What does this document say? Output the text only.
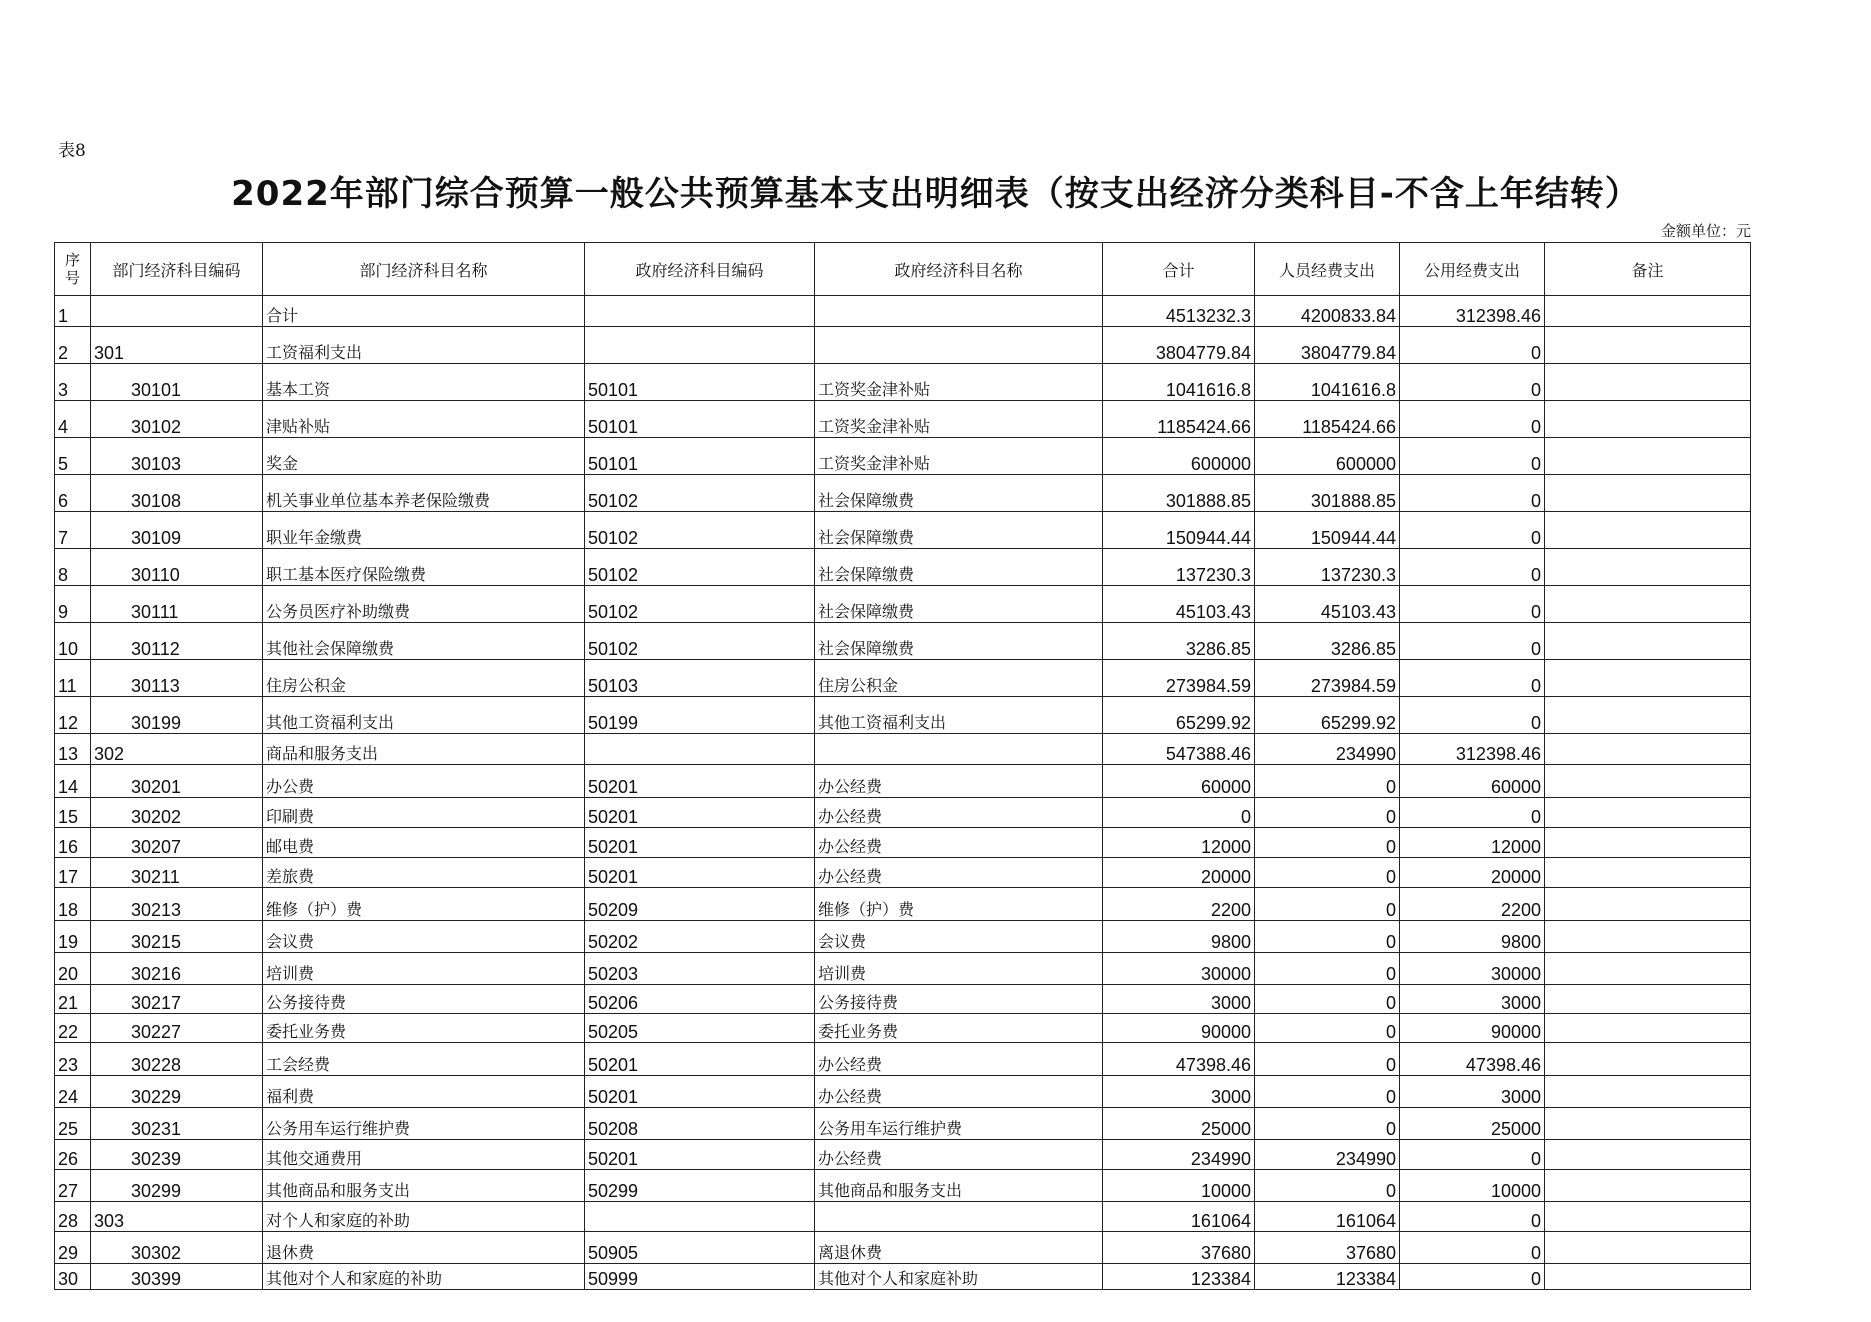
表8
2022年部门综合预算一般公共预算基本支出明细表（按支出经济分类科目-不含上年结转）
金额单位：元
序号	部门经济科目编码	部门经济科目名称	政府经济科目编码	政府经济科目名称	合计	人员经费支出	公用经费支出	备注
1		合计			4513232.3	4200833.84	312398.46	
2	301	工资福利支出			3804779.84	3804779.84	0	
3	30101	基本工资	50101	工资奖金津补贴	1041616.8	1041616.8	0	
4	30102	津贴补贴	50101	工资奖金津补贴	1185424.66	1185424.66	0	
5	30103	奖金	50101	工资奖金津补贴	600000	600000	0	
6	30108	机关事业单位基本养老保险缴费	50102	社会保障缴费	301888.85	301888.85	0	
7	30109	职业年金缴费	50102	社会保障缴费	150944.44	150944.44	0	
8	30110	职工基本医疗保险缴费	50102	社会保障缴费	137230.3	137230.3	0	
9	30111	公务员医疗补助缴费	50102	社会保障缴费	45103.43	45103.43	0	
10	30112	其他社会保障缴费	50102	社会保障缴费	3286.85	3286.85	0	
11	30113	住房公积金	50103	住房公积金	273984.59	273984.59	0	
12	30199	其他工资福利支出	50199	其他工资福利支出	65299.92	65299.92	0	
13	302	商品和服务支出			547388.46	234990	312398.46	
14	30201	办公费	50201	办公经费	60000	0	60000	
15	30202	印刷费	50201	办公经费	0	0	0	
16	30207	邮电费	50201	办公经费	12000	0	12000	
17	30211	差旅费	50201	办公经费	20000	0	20000	
18	30213	维修（护）费	50209	维修（护）费	2200	0	2200	
19	30215	会议费	50202	会议费	9800	0	9800	
20	30216	培训费	50203	培训费	30000	0	30000	
21	30217	公务接待费	50206	公务接待费	3000	0	3000	
22	30227	委托业务费	50205	委托业务费	90000	0	90000	
23	30228	工会经费	50201	办公经费	47398.46	0	47398.46	
24	30229	福利费	50201	办公经费	3000	0	3000	
25	30231	公务用车运行维护费	50208	公务用车运行维护费	25000	0	25000	
26	30239	其他交通费用	50201	办公经费	234990	234990	0	
27	30299	其他商品和服务支出	50299	其他商品和服务支出	10000	0	10000	
28	303	对个人和家庭的补助			161064	161064	0	
29	30302	退休费	50905	离退休费	37680	37680	0	
30	30399	其他对个人和家庭的补助	50999	其他对个人和家庭补助	123384	123384	0	
